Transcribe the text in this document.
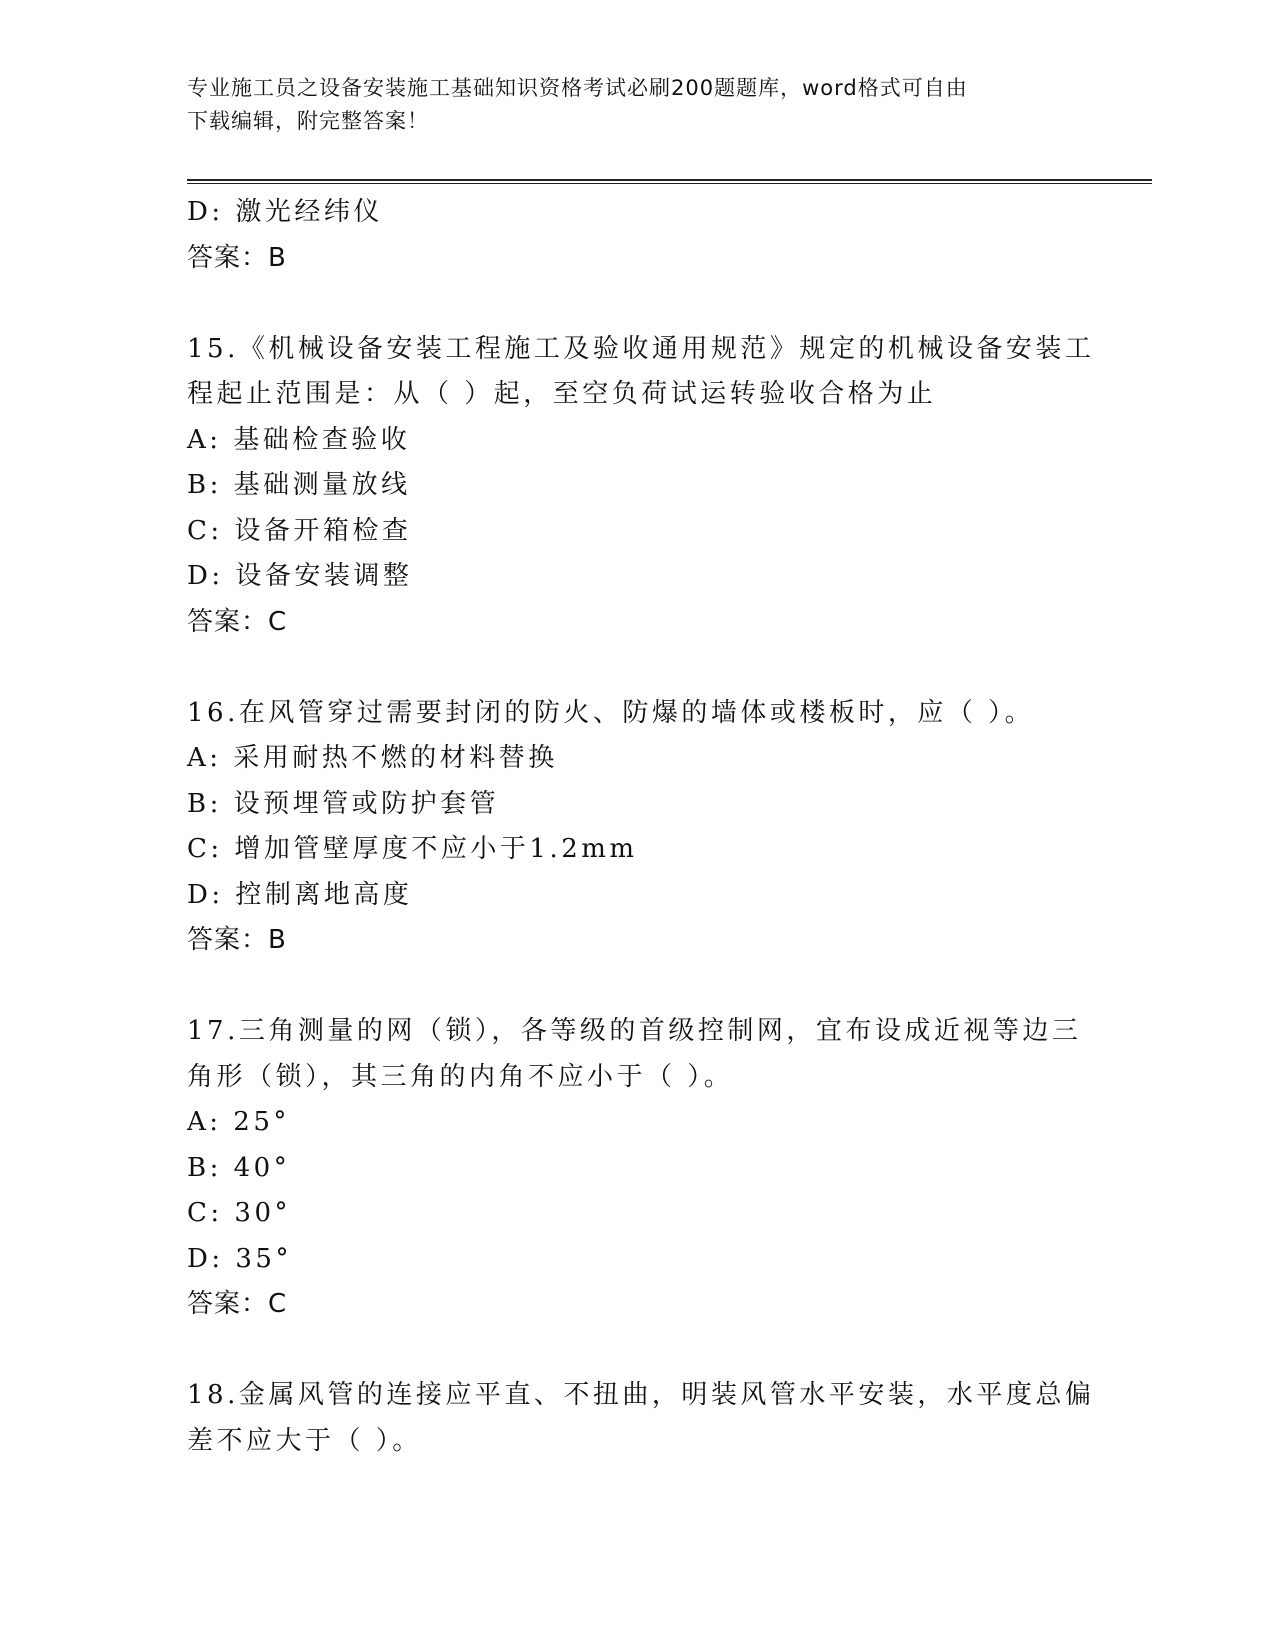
专业施工员之设备安装施工基础知识资格考试必刷200题题库，word格式可自由
下载编辑，附完整答案！
D: 激光经纬仪
答案：B
15.《机械设备安装工程施工及验收通用规范》规定的机械设备安装工
程起止范围是：从（ ）起，至空负荷试运转验收合格为止
A: 基础检查验收
B: 基础测量放线
C: 设备开箱检查
D: 设备安装调整
答案：C
16.在风管穿过需要封闭的防火、防爆的墙体或楼板时，应（ ）。
A: 采用耐热不燃的材料替换
B: 设预埋管或防护套管
C: 增加管壁厚度不应小于1.2mm
D: 控制离地高度
答案：B
17.三角测量的网（锁），各等级的首级控制网，宜布设成近视等边三
角形（锁），其三角的内角不应小于（ ）。
A: 25°
B: 40°
C: 30°
D: 35°
答案：C
18.金属风管的连接应平直、不扭曲，明装风管水平安装，水平度总偏
差不应大于（ ）。
